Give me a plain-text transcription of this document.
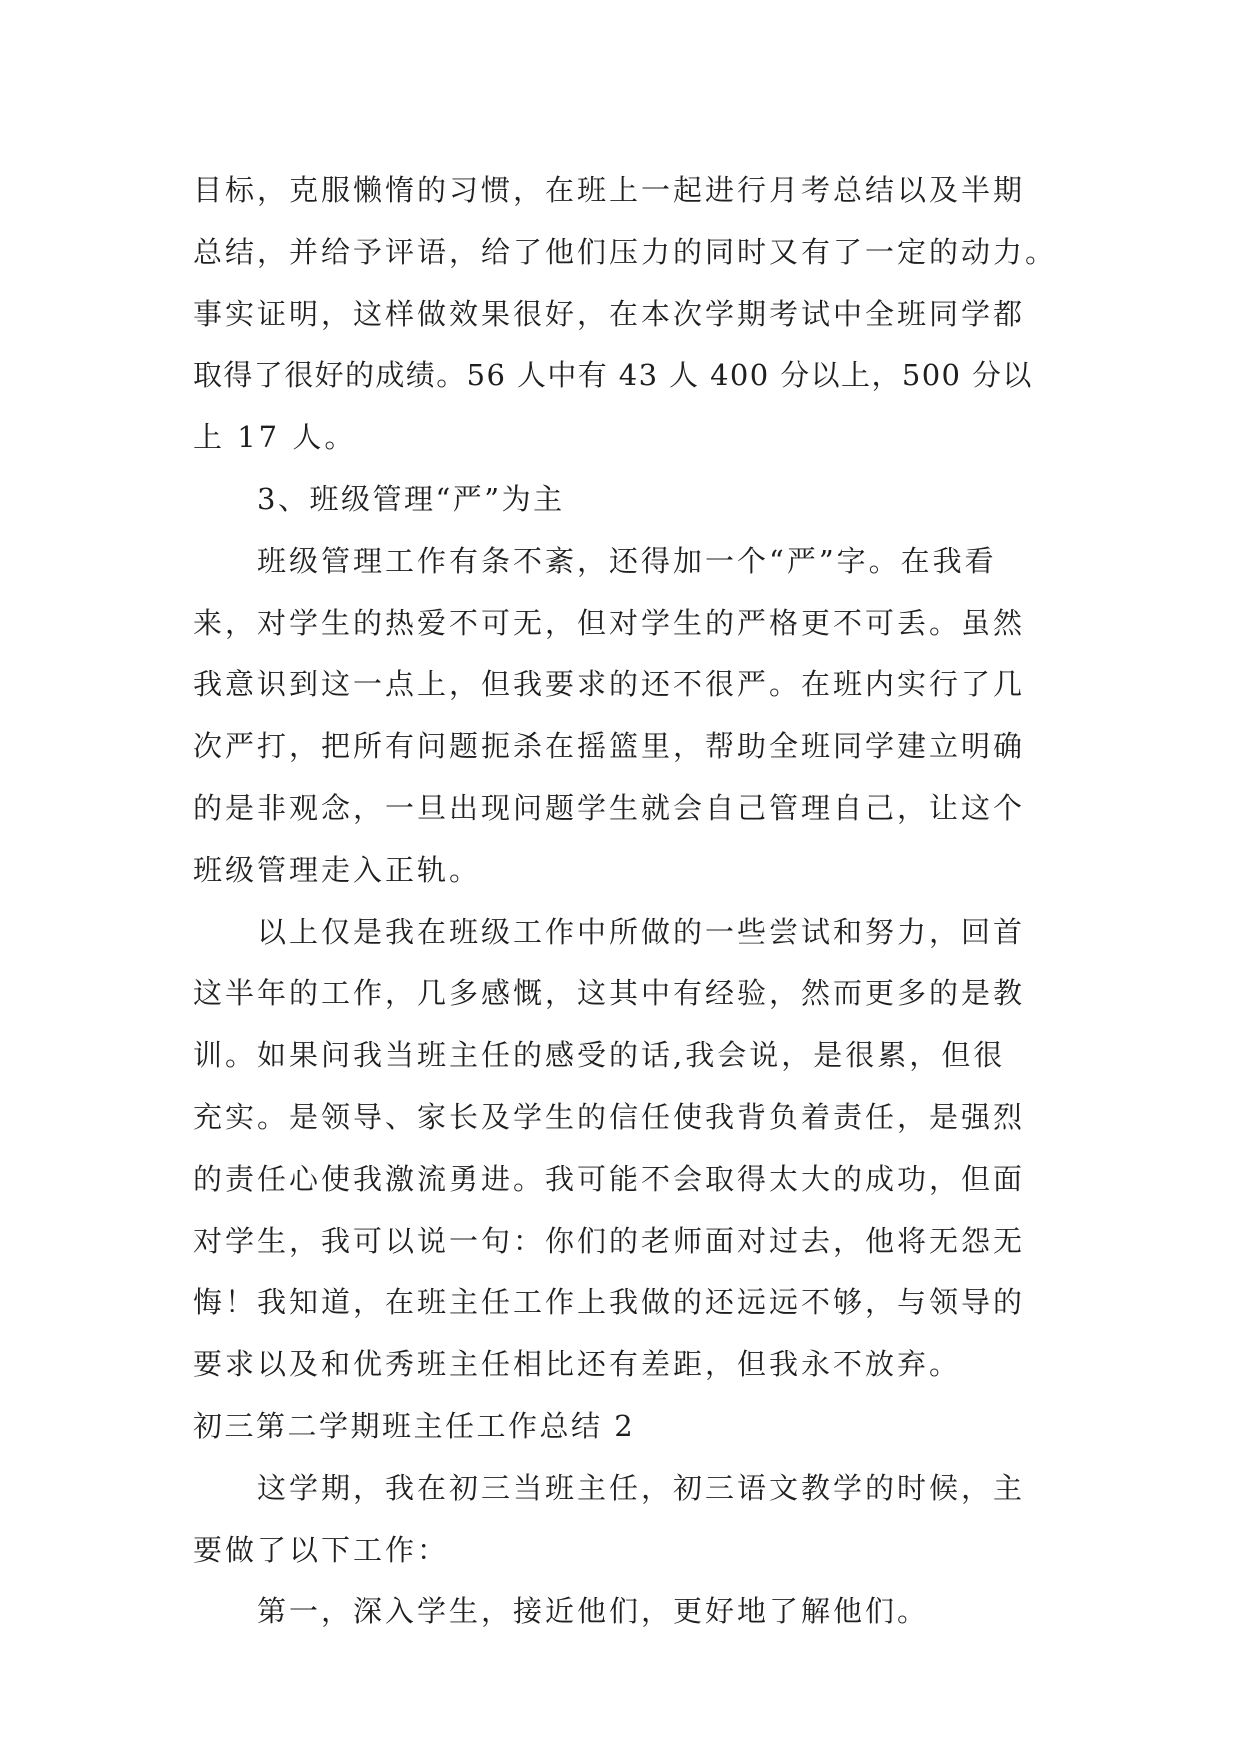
目标，克服懒惰的习惯，在班上一起进行月考总结以及半期
总结，并给予评语，给了他们压力的同时又有了一定的动力。
事实证明，这样做效果很好，在本次学期考试中全班同学都
取得了很好的成绩。56 人中有 43 人 400 分以上，500 分以
上 17 人。
3、班级管理“严”为主
班级管理工作有条不紊，还得加一个“严”字。在我看
来，对学生的热爱不可无，但对学生的严格更不可丢。虽然
我意识到这一点上，但我要求的还不很严。在班内实行了几
次严打，把所有问题扼杀在摇篮里，帮助全班同学建立明确
的是非观念，一旦出现问题学生就会自己管理自己，让这个
班级管理走入正轨。
以上仅是我在班级工作中所做的一些尝试和努力，回首
这半年的工作，几多感慨，这其中有经验，然而更多的是教
训。如果问我当班主任的感受的话,我会说，是很累，但很
充实。是领导、家长及学生的信任使我背负着责任，是强烈
的责任心使我激流勇进。我可能不会取得太大的成功，但面
对学生，我可以说一句：你们的老师面对过去，他将无怨无
悔！我知道，在班主任工作上我做的还远远不够，与领导的
要求以及和优秀班主任相比还有差距，但我永不放弃。
初三第二学期班主任工作总结 2
这学期，我在初三当班主任，初三语文教学的时候，主
要做了以下工作：
第一，深入学生，接近他们，更好地了解他们。
